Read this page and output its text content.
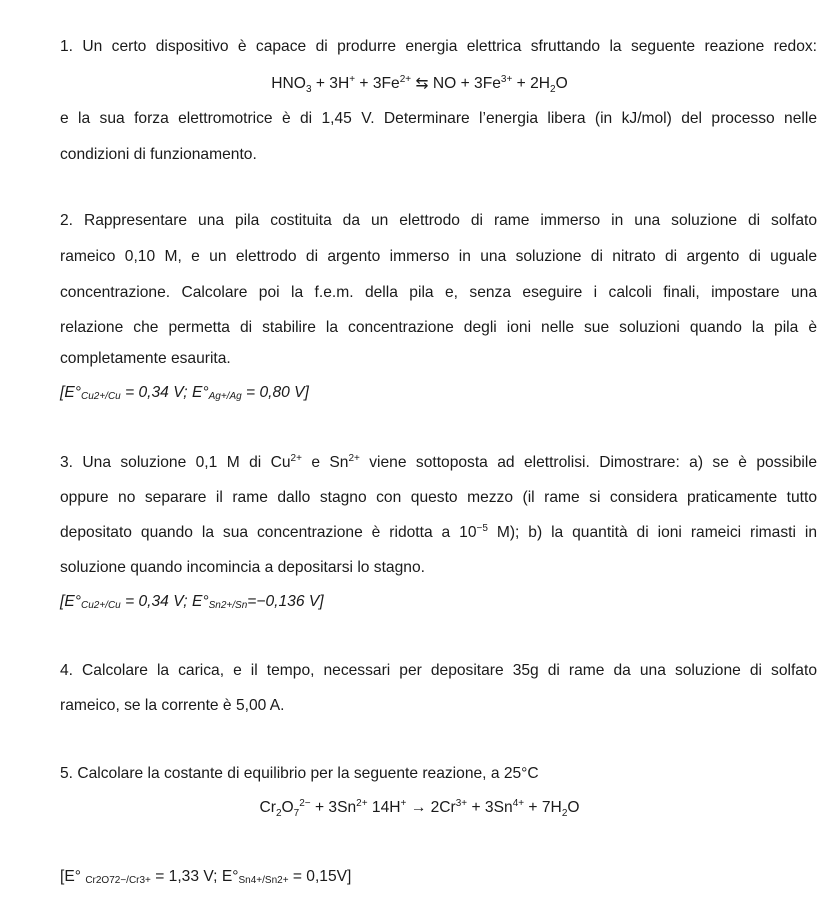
1. Un certo dispositivo è capace di produrre energia elettrica sfruttando la seguente reazione redox:
$HNO_3 + 3H^+ + 3Fe^{2+}$ ⇆ NO + $3Fe^{3+} + 2H_2O$
e la sua forza elettromotrice è di 1,45 V. Determinare l’energia libera (in kJ/mol) del processo nelle
condizioni di funzionamento.
2. Rappresentare una pila costituita da un elettrodo di rame immerso in una soluzione di solfato
rameico 0,10 M, e un elettrodo di argento immerso in una soluzione di nitrato di argento di uguale
concentrazione. Calcolare poi la f.e.m. della pila e, senza eseguire i calcoli finali, impostare una
relazione che permetta di stabilire la concentrazione degli ioni nelle sue soluzioni quando la pila è
completamente esaurita.
[E°Cu2+/Cu = 0,34 V; E°Ag+/Ag = 0,80 V]
3. Una soluzione 0,1 M di $Cu^{2+}$ e $Sn^{2+}$ viene sottoposta ad elettrolisi. Dimostrare: a) se è possibile
oppure no separare il rame dallo stagno con questo mezzo (il rame si considera praticamente tutto
depositato quando la sua concentrazione è ridotta a $10^{-5}$ M); b) la quantità di ioni rameici rimasti in
soluzione quando incomincia a depositarsi lo stagno.
[E°Cu2+/Cu = 0,34 V; E°Sn2+/Sn=−0,136 V]
4. Calcolare la carica, e il tempo, necessari per depositare 35g di rame da una soluzione di solfato
rameico, se la corrente è 5,00 A.
5. Calcolare la costante di equilibrio per la seguente reazione, a 25°C
$Cr_2O_7^{2-} + 3Sn^{2+}$ $14H^+ \to 2Cr^{3+} + 3Sn^{4+} + 7H_2O$
[E° Cr2O72−/Cr3+ = 1,33 V; E°Sn4+/Sn2+ = 0,15V]
